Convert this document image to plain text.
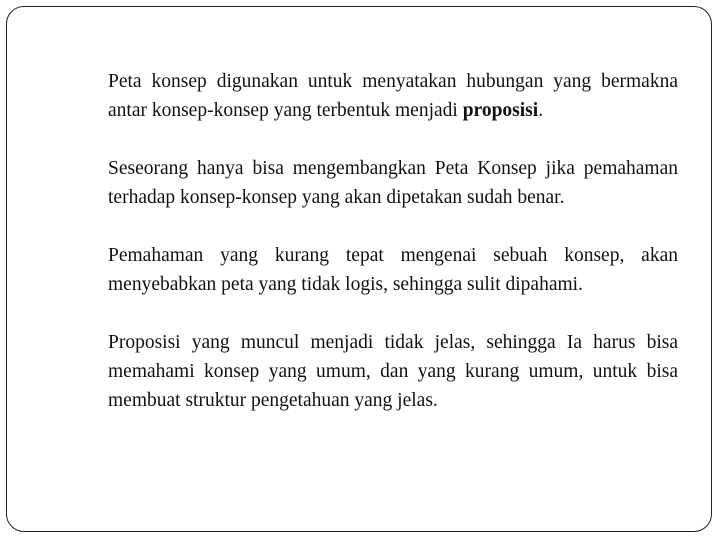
Peta konsep digunakan untuk menyatakan hubungan yang bermakna antar konsep-konsep yang terbentuk menjadi proposisi.

Seseorang hanya bisa mengembangkan Peta Konsep jika pemahaman terhadap konsep-konsep yang akan dipetakan sudah benar.

Pemahaman yang kurang tepat mengenai sebuah konsep, akan menyebabkan peta yang tidak logis, sehingga sulit dipahami.

Proposisi yang muncul menjadi tidak jelas, sehingga Ia harus bisa memahami konsep yang umum, dan yang kurang umum, untuk bisa membuat struktur pengetahuan yang jelas.
